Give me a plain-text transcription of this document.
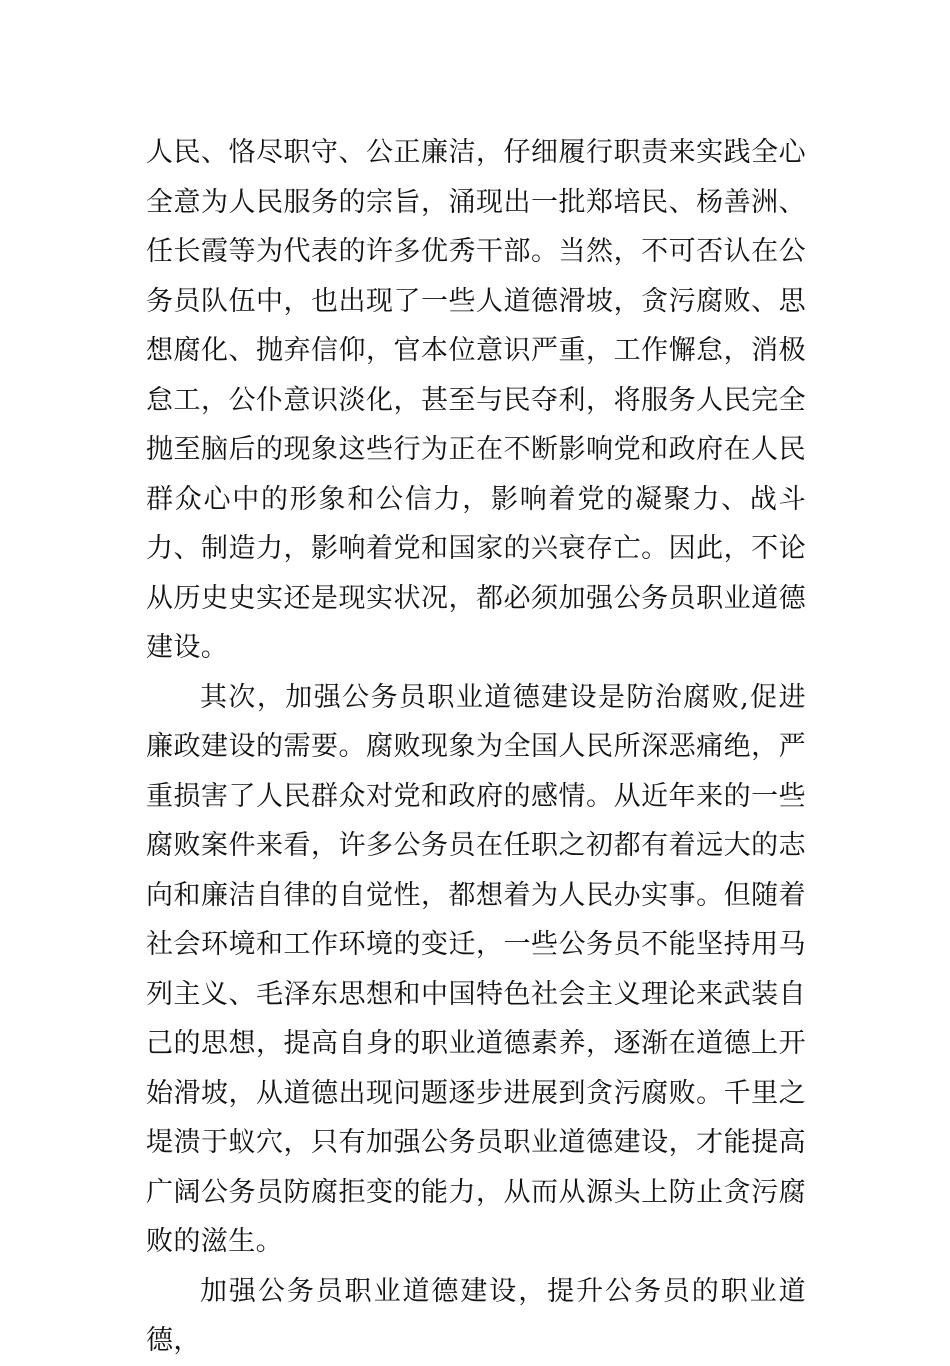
人民、恪尽职守、公正廉洁，仔细履行职责来实践全心全意为人民服务的宗旨，涌现出一批郑培民、杨善洲、任长霞等为代表的许多优秀干部。当然，不可否认在公务员队伍中，也出现了一些人道德滑坡，贪污腐败、思想腐化、抛弃信仰，官本位意识严重，工作懈怠，消极怠工，公仆意识淡化，甚至与民夺利，将服务人民完全抛至脑后的现象这些行为正在不断影响党和政府在人民群众心中的形象和公信力，影响着党的凝聚力、战斗力、制造力，影响着党和国家的兴衰存亡。因此，不论从历史史实还是现实状况，都必须加强公务员职业道德建设。

其次，加强公务员职业道德建设是防治腐败,促进廉政建设的需要。腐败现象为全国人民所深恶痛绝，严重损害了人民群众对党和政府的感情。从近年来的一些腐败案件来看，许多公务员在任职之初都有着远大的志向和廉洁自律的自觉性，都想着为人民办实事。但随着社会环境和工作环境的变迁，一些公务员不能坚持用马列主义、毛泽东思想和中国特色社会主义理论来武装自己的思想，提高自身的职业道德素养，逐渐在道德上开始滑坡，从道德出现问题逐步进展到贪污腐败。千里之堤溃于蚁穴，只有加强公务员职业道德建设，才能提高广阔公务员防腐拒变的能力，从而从源头上防止贪污腐败的滋生。

加强公务员职业道德建设，提升公务员的职业道德，
